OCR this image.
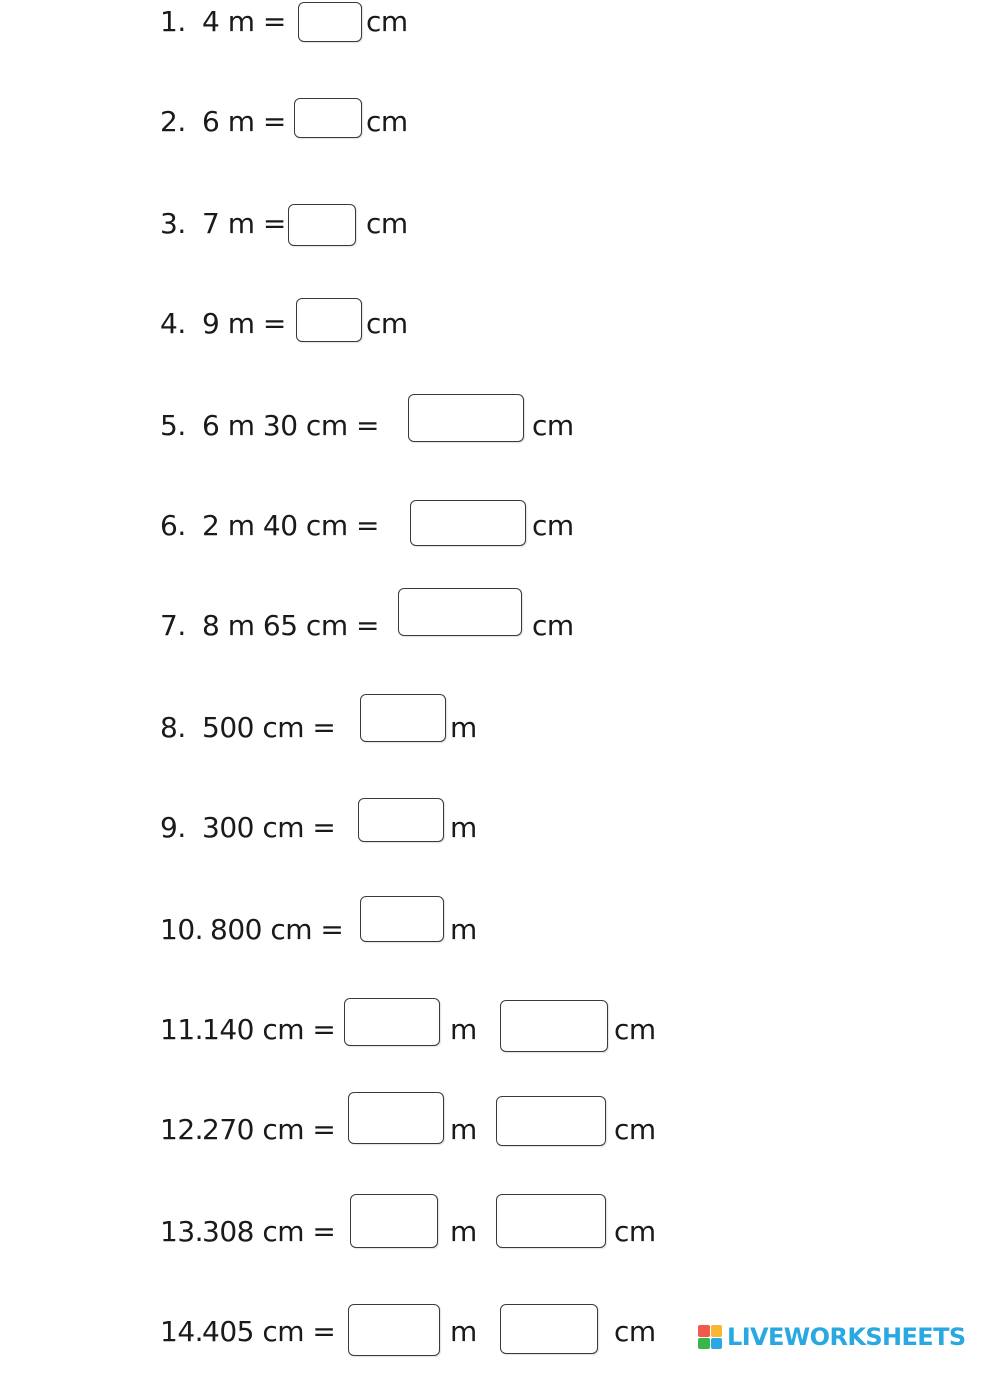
1. 4 m =	cm
2. 6 m =	cm
3. 7 m =	cm
4. 9 m =	cm
5. 6 m 30 cm =	cm
6. 2 m 40 cm =	cm
7. 8 m 65 cm =	cm
8. 500 cm =	m
9. 300 cm =	m
10. 800 cm =	m
11.
140 cm =	m	cm
12.
270 cm =	m	cm
13.
308 cm =	m	cm
14.
405 cm =	m	cm	LIVEWORKSHEETS
